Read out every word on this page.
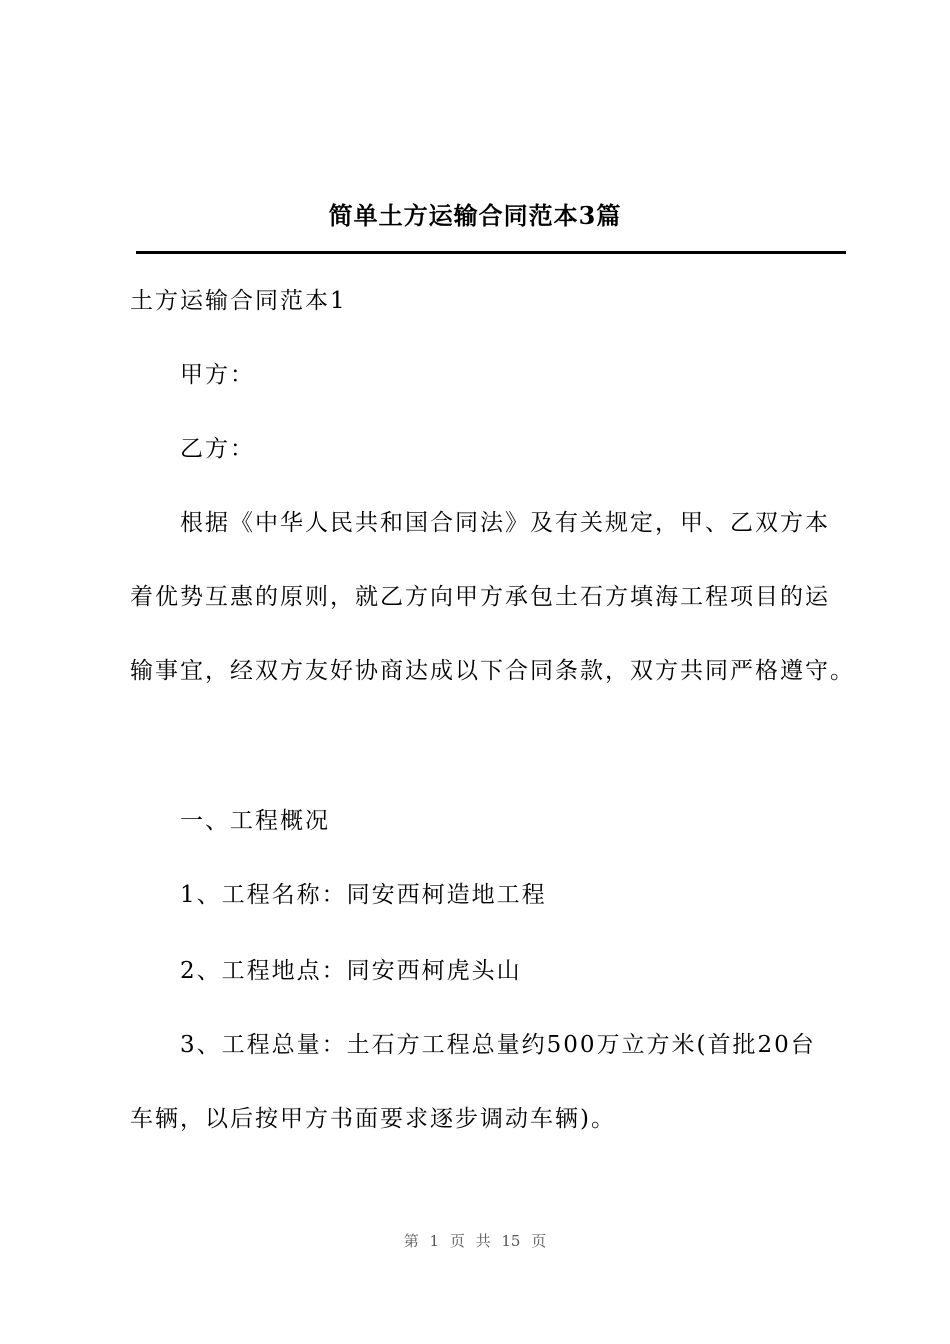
简单土方运输合同范本3篇

土方运输合同范本1

甲方：

乙方：

根据《中华人民共和国合同法》及有关规定，甲、乙双方本

着优势互惠的原则，就乙方向甲方承包土石方填海工程项目的运

输事宜，经双方友好协商达成以下合同条款，双方共同严格遵守。

一、工程概况

1、工程名称：同安西柯造地工程

2、工程地点：同安西柯虎头山

3、工程总量：土石方工程总量约500万立方米(首批20台

车辆，以后按甲方书面要求逐步调动车辆)。

第 1 页 共 15 页
